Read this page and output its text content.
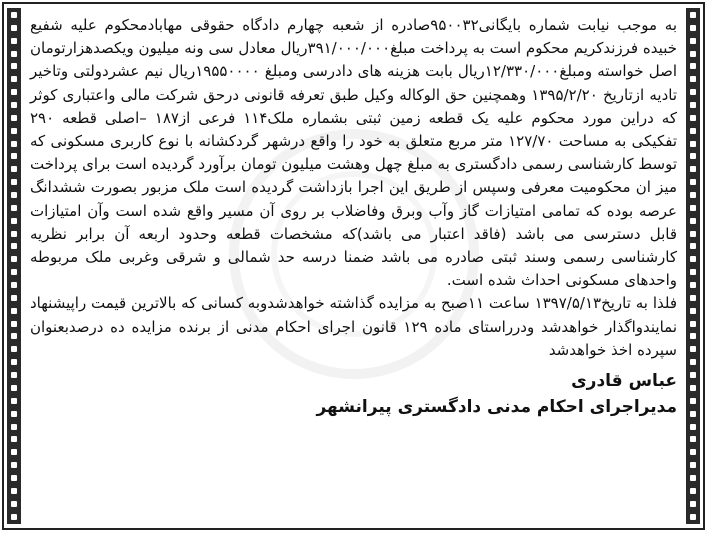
به موجب نیابت شماره بایگانی۹۵۰۰۳۲صادره از شعبه چهارم دادگاه حقوقی مهابادمحکوم علیه شفیع خبیده فرزندکریم محکوم است به پرداخت مبلغ۳۹۱/۰۰۰/۰۰۰ریال معادل سی ونه میلیون ویکصدهزارتومان اصل خواسته ومبلغ۱۲/۳۳۰/۰۰۰ریال بابت هزینه های دادرسی ومبلغ ۱۹۵۵۰۰۰۰ریال نیم عشردولتی وتاخیر تادیه ازتاریخ ۱۳۹۵/۲/۲۰ وهمچنین حق الوکاله وکیل طبق تعرفه قانونی درحق شرکت مالی واعتباری کوثر که دراین مورد محکوم علیه یک قطعه زمین ثبتی بشماره ملک۱۱۴ فرعی از۱۸۷ –اصلی قطعه ۲۹۰ تفکیکی به مساحت ۱۲۷/۷۰ متر مربع متعلق به خود را واقع درشهر گردکشانه با نوع کاربری مسکونی که توسط کارشناسی رسمی دادگستری به مبلغ چهل وهشت میلیون تومان برآورد گردیده است برای پرداخت میز ان محکومیت معرفی وسپس از طریق این اجرا بازداشت گردیده است ملک مزبور بصورت ششدانگ عرصه بوده که تمامی امتیازات گاز وآب وبرق وفاضلاب بر روی آن مسیر واقع شده است وآن امتیازات قابل دسترسی می باشد (فاقد اعتبار می باشد)که مشخصات قطعه وحدود اربعه آن برابر نظریه کارشناسی رسمی وسند ثبتی صادره می باشد ضمنا درسه حد شمالی و شرقی وغربی ملک مربوطه واحدهای مسکونی احداث شده است.
فلذا به تاریخ۱۳۹۷/۵/۱۳ ساعت ۱۱صبح به مزایده گذاشته خواهدشدوبه کسانی که بالاترین قیمت راپیشنهاد نمایندواگذار خواهدشد ودرراستای ماده ۱۲۹ قانون اجرای احکام مدنی از برنده مزایده ده درصدبعنوان سپرده اخذ خواهدشد

عباس قادری
مدیراجرای احکام مدنی دادگستری پیرانشهر
